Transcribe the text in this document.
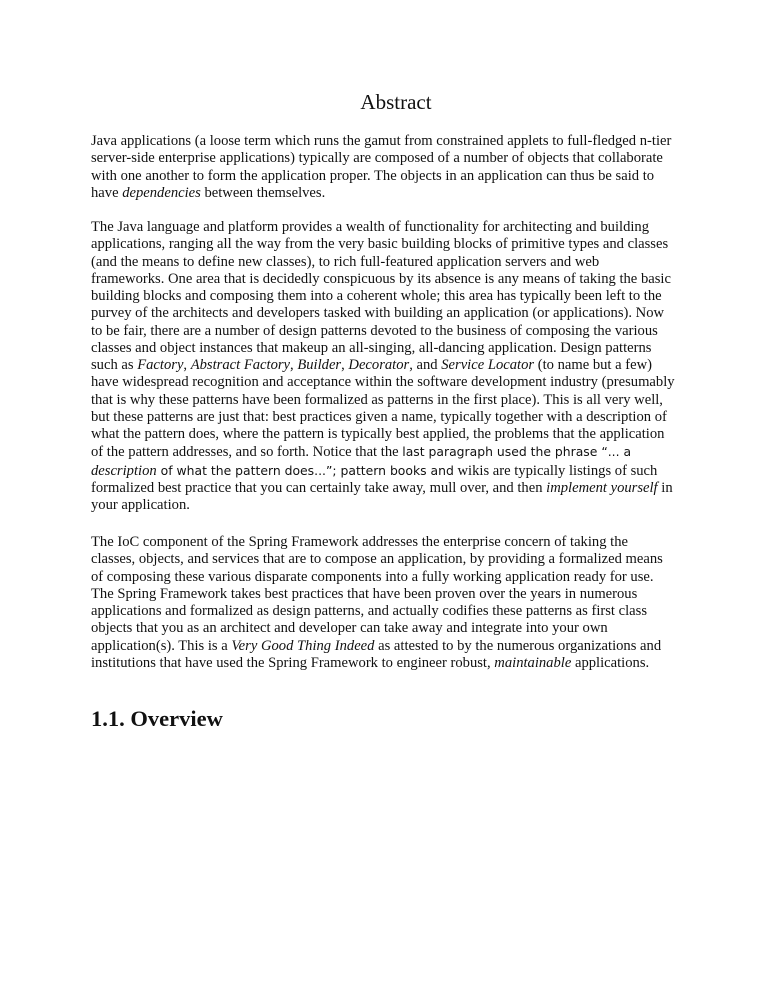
Abstract

Java applications (a loose term which runs the gamut from constrained applets to full-fledged n-tier server-side enterprise applications) typically are composed of a number of objects that collaborate with one another to form the application proper. The objects in an application can thus be said to have dependencies between themselves.

The Java language and platform provides a wealth of functionality for architecting and building applications, ranging all the way from the very basic building blocks of primitive types and classes (and the means to define new classes), to rich full-featured application servers and web frameworks. One area that is decidedly conspicuous by its absence is any means of taking the basic building blocks and composing them into a coherent whole; this area has typically been left to the purvey of the architects and developers tasked with building an application (or applications). Now to be fair, there are a number of design patterns devoted to the business of composing the various classes and object instances that makeup an all-singing, all-dancing application. Design patterns such as Factory, Abstract Factory, Builder, Decorator, and Service Locator (to name but a few) have widespread recognition and acceptance within the software development industry (presumably that is why these patterns have been formalized as patterns in the first place). This is all very well, but these patterns are just that: best practices given a name, typically together with a description of what the pattern does, where the pattern is typically best applied, the problems that the application of the pattern addresses, and so forth. Notice that the last paragraph used the phrase “... a description of what the pattern does...”; pattern books and wikis are typically listings of such formalized best practice that you can certainly take away, mull over, and then implement yourself in your application.

The IoC component of the Spring Framework addresses the enterprise concern of taking the classes, objects, and services that are to compose an application, by providing a formalized means of composing these various disparate components into a fully working application ready for use. The Spring Framework takes best practices that have been proven over the years in numerous applications and formalized as design patterns, and actually codifies these patterns as first class objects that you as an architect and developer can take away and integrate into your own application(s). This is a Very Good Thing Indeed as attested to by the numerous organizations and institutions that have used the Spring Framework to engineer robust, maintainable applications.

1.1. Overview
